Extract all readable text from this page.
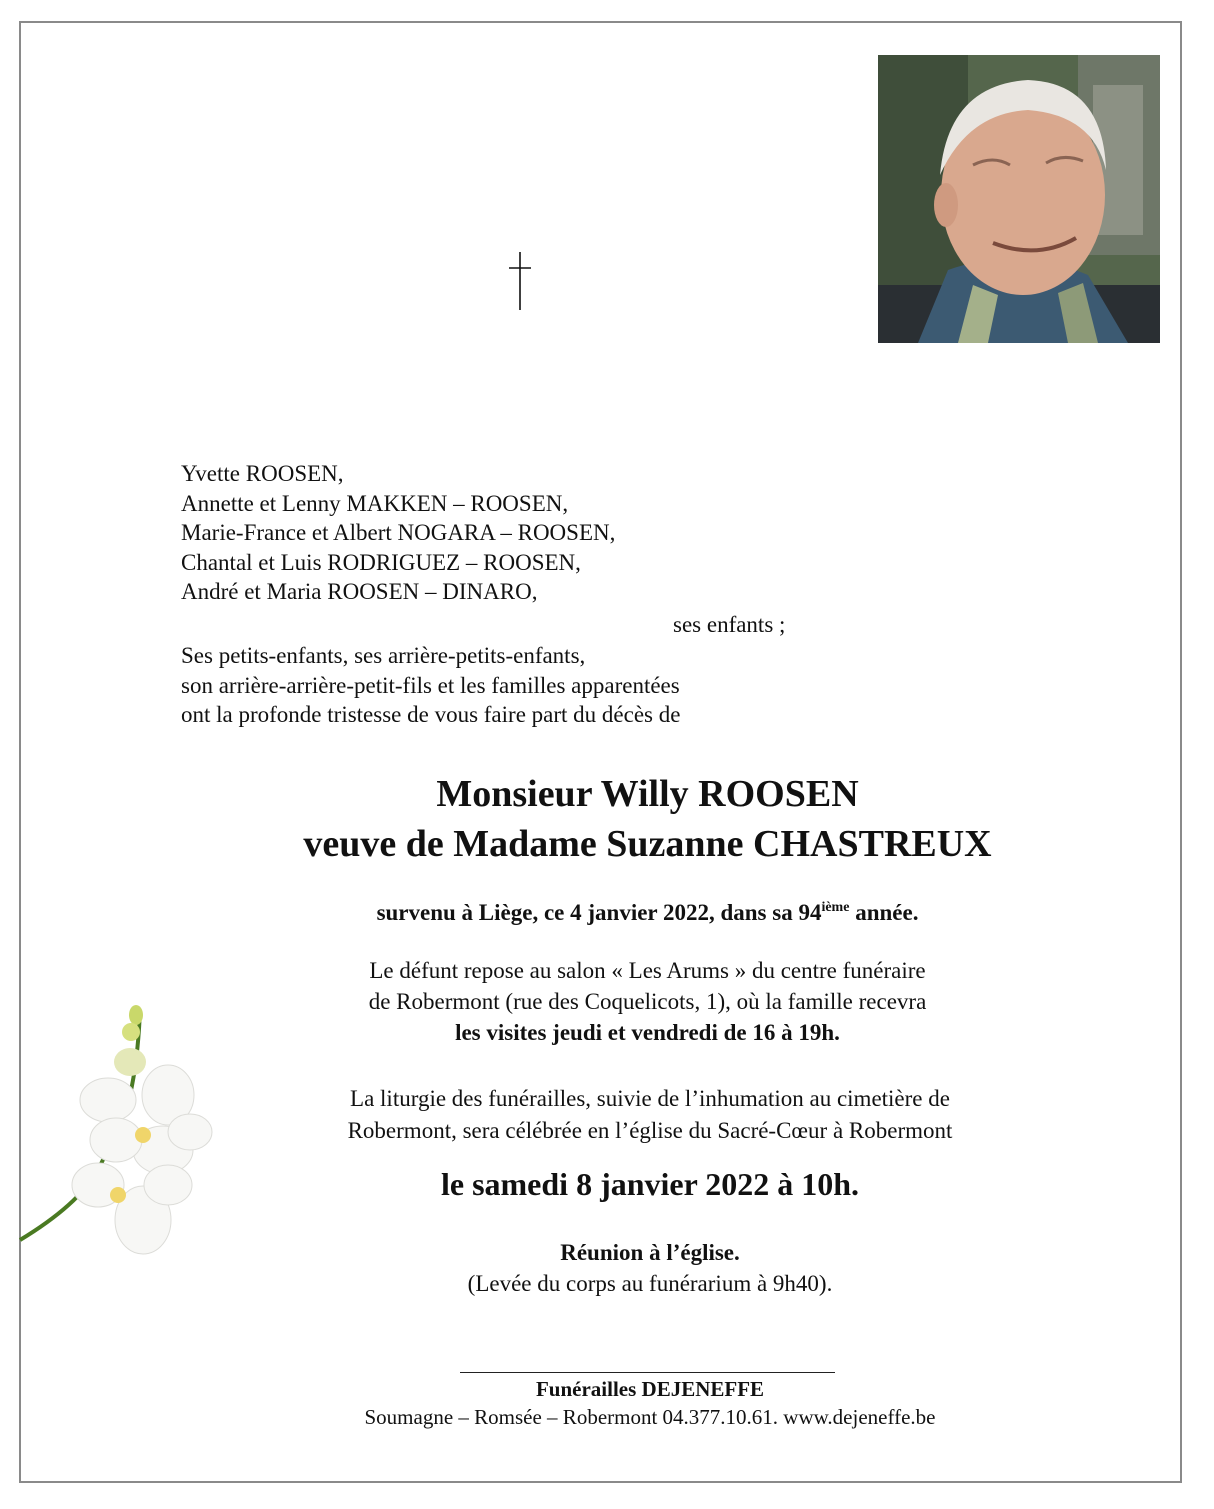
Yvette ROOSEN,
Annette et Lenny MAKKEN – ROOSEN,
Marie-France et Albert NOGARA – ROOSEN,
Chantal et Luis RODRIGUEZ – ROOSEN,
André et Maria ROOSEN – DINARO,
ses enfants ;
Ses petits-enfants, ses arrière-petits-enfants,
son arrière-arrière-petit-fils et les familles apparentées
ont la profonde tristesse de vous faire part du décès de
Monsieur Willy ROOSEN
veuve de Madame Suzanne CHASTREUX
survenu à Liège, ce 4 janvier 2022, dans sa 94ième année.
Le défunt repose au salon « Les Arums » du centre funéraire
de Robermont (rue des Coquelicots, 1), où la famille recevra
les visites jeudi et vendredi de 16 à 19h.
La liturgie des funérailles, suivie de l’inhumation au cimetière de
Robermont, sera célébrée en l’église du Sacré-Cœur à Robermont
le samedi 8 janvier 2022 à 10h.
Réunion à l’église.
(Levée du corps au funérarium à 9h40).
Funérailles DEJENEFFE
Soumagne – Romsée – Robermont 04.377.10.61. www.dejeneffe.be
